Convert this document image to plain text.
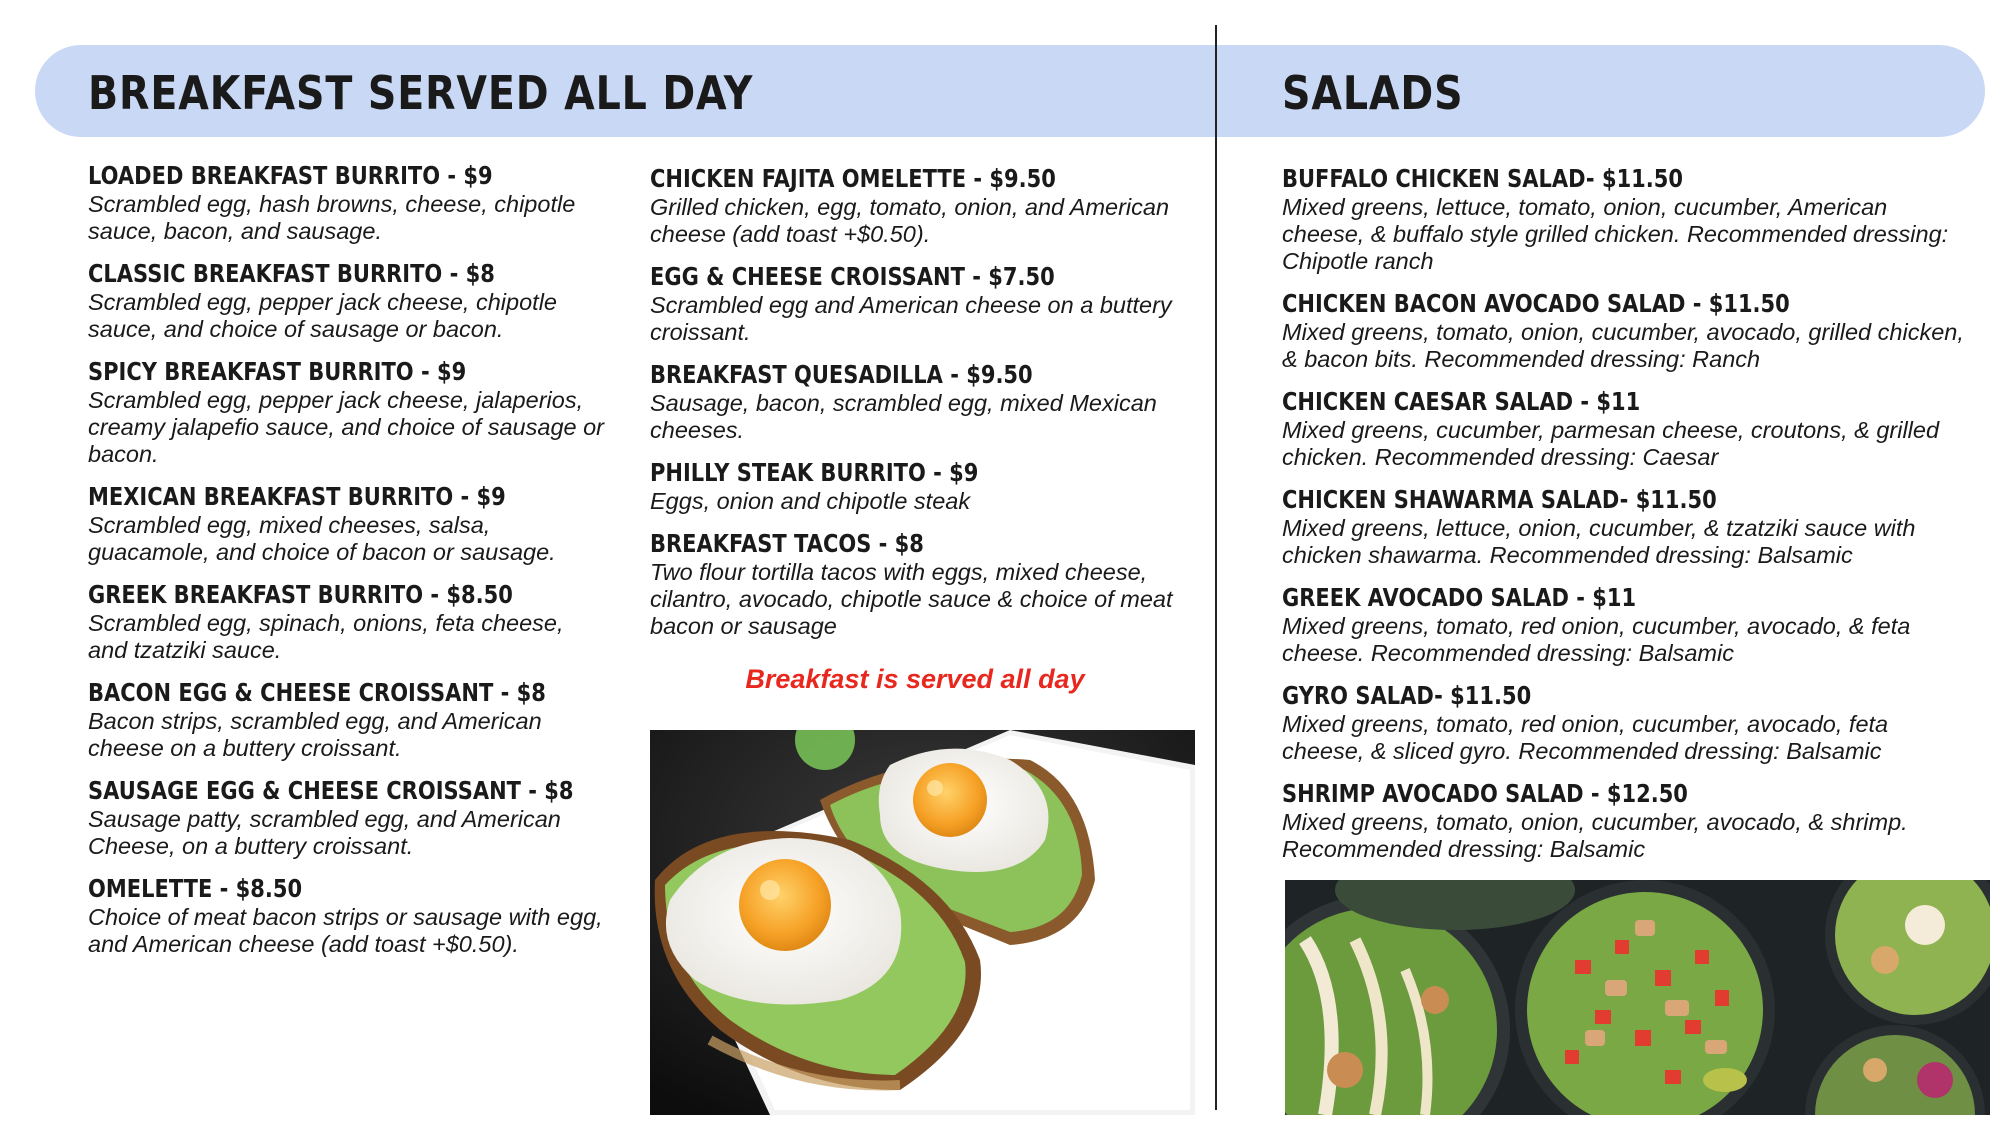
BREAKFAST SERVED ALL DAY	SALADS
LOADED BREAKFAST BURRITO - $9
Scrambled egg, hash browns, cheese, chipotle sauce, bacon, and sausage.
CLASSIC BREAKFAST BURRITO - $8
Scrambled egg, pepper jack cheese, chipotle sauce, and choice of sausage or bacon.
SPICY BREAKFAST BURRITO - $9
Scrambled egg, pepper jack cheese, jalaperios, creamy jalapefio sauce, and choice of sausage or bacon.
MEXICAN BREAKFAST BURRITO - $9
Scrambled egg, mixed cheeses, salsa, guacamole, and choice of bacon or sausage.
GREEK BREAKFAST BURRITO - $8.50
Scrambled egg, spinach, onions, feta cheese, and tzatziki sauce.
BACON EGG & CHEESE CROISSANT - $8
Bacon strips, scrambled egg, and American cheese on a buttery croissant.
SAUSAGE EGG & CHEESE CROISSANT - $8
Sausage patty, scrambled egg, and American Cheese, on a buttery croissant.
OMELETTE - $8.50
Choice of meat bacon strips or sausage with egg, and American cheese (add toast +$0.50).
CHICKEN FAJITA OMELETTE - $9.50
Grilled chicken, egg, tomato, onion, and American cheese (add toast +$0.50).
EGG & CHEESE CROISSANT - $7.50
Scrambled egg and American cheese on a buttery croissant.
BREAKFAST QUESADILLA - $9.50
Sausage, bacon, scrambled egg, mixed Mexican cheeses.
PHILLY STEAK BURRITO - $9
Eggs, onion and chipotle steak
BREAKFAST TACOS - $8
Two flour tortilla tacos with eggs, mixed cheese, cilantro, avocado, chipotle sauce & choice of meat bacon or sausage
Breakfast is served all day
BUFFALO CHICKEN SALAD- $11.50
Mixed greens, lettuce, tomato, onion, cucumber, American cheese, & buffalo style grilled chicken. Recommended dressing: Chipotle ranch
CHICKEN BACON AVOCADO SALAD - $11.50
Mixed greens, tomato, onion, cucumber, avocado, grilled chicken, & bacon bits. Recommended dressing: Ranch
CHICKEN CAESAR SALAD - $11
Mixed greens, cucumber, parmesan cheese, croutons, & grilled chicken. Recommended dressing: Caesar
CHICKEN SHAWARMA SALAD- $11.50
Mixed greens, lettuce, onion, cucumber, & tzatziki sauce with chicken shawarma. Recommended dressing: Balsamic
GREEK AVOCADO SALAD - $11
Mixed greens, tomato, red onion, cucumber, avocado, & feta cheese. Recommended dressing: Balsamic
GYRO SALAD- $11.50
Mixed greens, tomato, red onion, cucumber, avocado, feta cheese, & sliced gyro. Recommended dressing: Balsamic
SHRIMP AVOCADO SALAD - $12.50
Mixed greens, tomato, onion, cucumber, avocado, & shrimp. Recommended dressing: Balsamic
